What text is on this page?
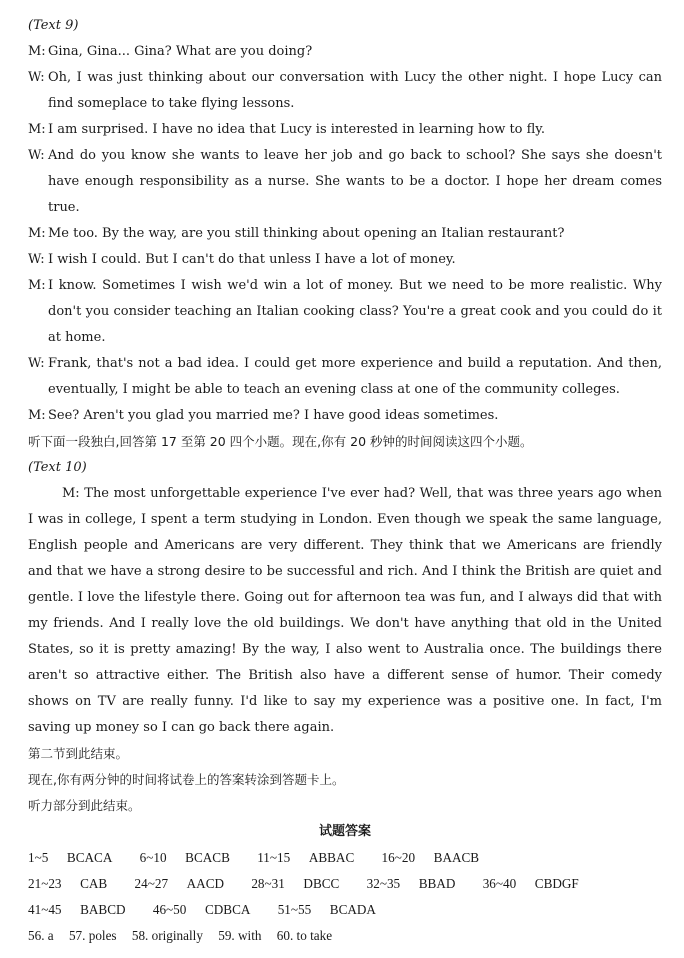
(Text 9)
M: Gina, Gina... Gina? What are you doing?
W: Oh, I was just thinking about our conversation with Lucy the other night. I hope Lucy can find someplace to take flying lessons.
M: I am surprised. I have no idea that Lucy is interested in learning how to fly.
W: And do you know she wants to leave her job and go back to school? She says she doesn't have enough responsibility as a nurse. She wants to be a doctor. I hope her dream comes true.
M: Me too. By the way, are you still thinking about opening an Italian restaurant?
W: I wish I could. But I can't do that unless I have a lot of money.
M: I know. Sometimes I wish we'd win a lot of money. But we need to be more realistic. Why don't you consider teaching an Italian cooking class? You're a great cook and you could do it at home.
W: Frank, that's not a bad idea. I could get more experience and build a reputation. And then, eventually, I might be able to teach an evening class at one of the community colleges.
M: See? Aren't you glad you married me? I have good ideas sometimes.
听下面一段独白,回答第 17 至第 20 四个小题。现在,你有 20 秒钟的时间阅读这四个小题。
(Text 10)
M: The most unforgettable experience I've ever had? Well, that was three years ago when I was in college, I spent a term studying in London. Even though we speak the same language, English people and Americans are very different. They think that we Americans are friendly and that we have a strong desire to be successful and rich. And I think the British are quiet and gentle. I love the lifestyle there. Going out for afternoon tea was fun, and I always did that with my friends. And I really love the old buildings. We don't have anything that old in the United States, so it is pretty amazing! By the way, I also went to Australia once. The buildings there aren't so attractive either. The British also have a different sense of humor. Their comedy shows on TV are really funny. I'd like to say my experience was a positive one. In fact, I'm saving up money so I can go back there again.
第二节到此结束。
现在,你有两分钟的时间将试卷上的答案转涂到答题卡上。
听力部分到此结束。
试题答案
1~5 BCACA 6~10 BCACB 11~15 ABBAC 16~20 BAACB
21~23 CAB 24~27 AACD 28~31 DBCC 32~35 BBAD 36~40 CBDGF
41~45 BABCD 46~50 CDBCA 51~55 BCADA
56. a 57. poles 58. originally 59. with 60. to take
